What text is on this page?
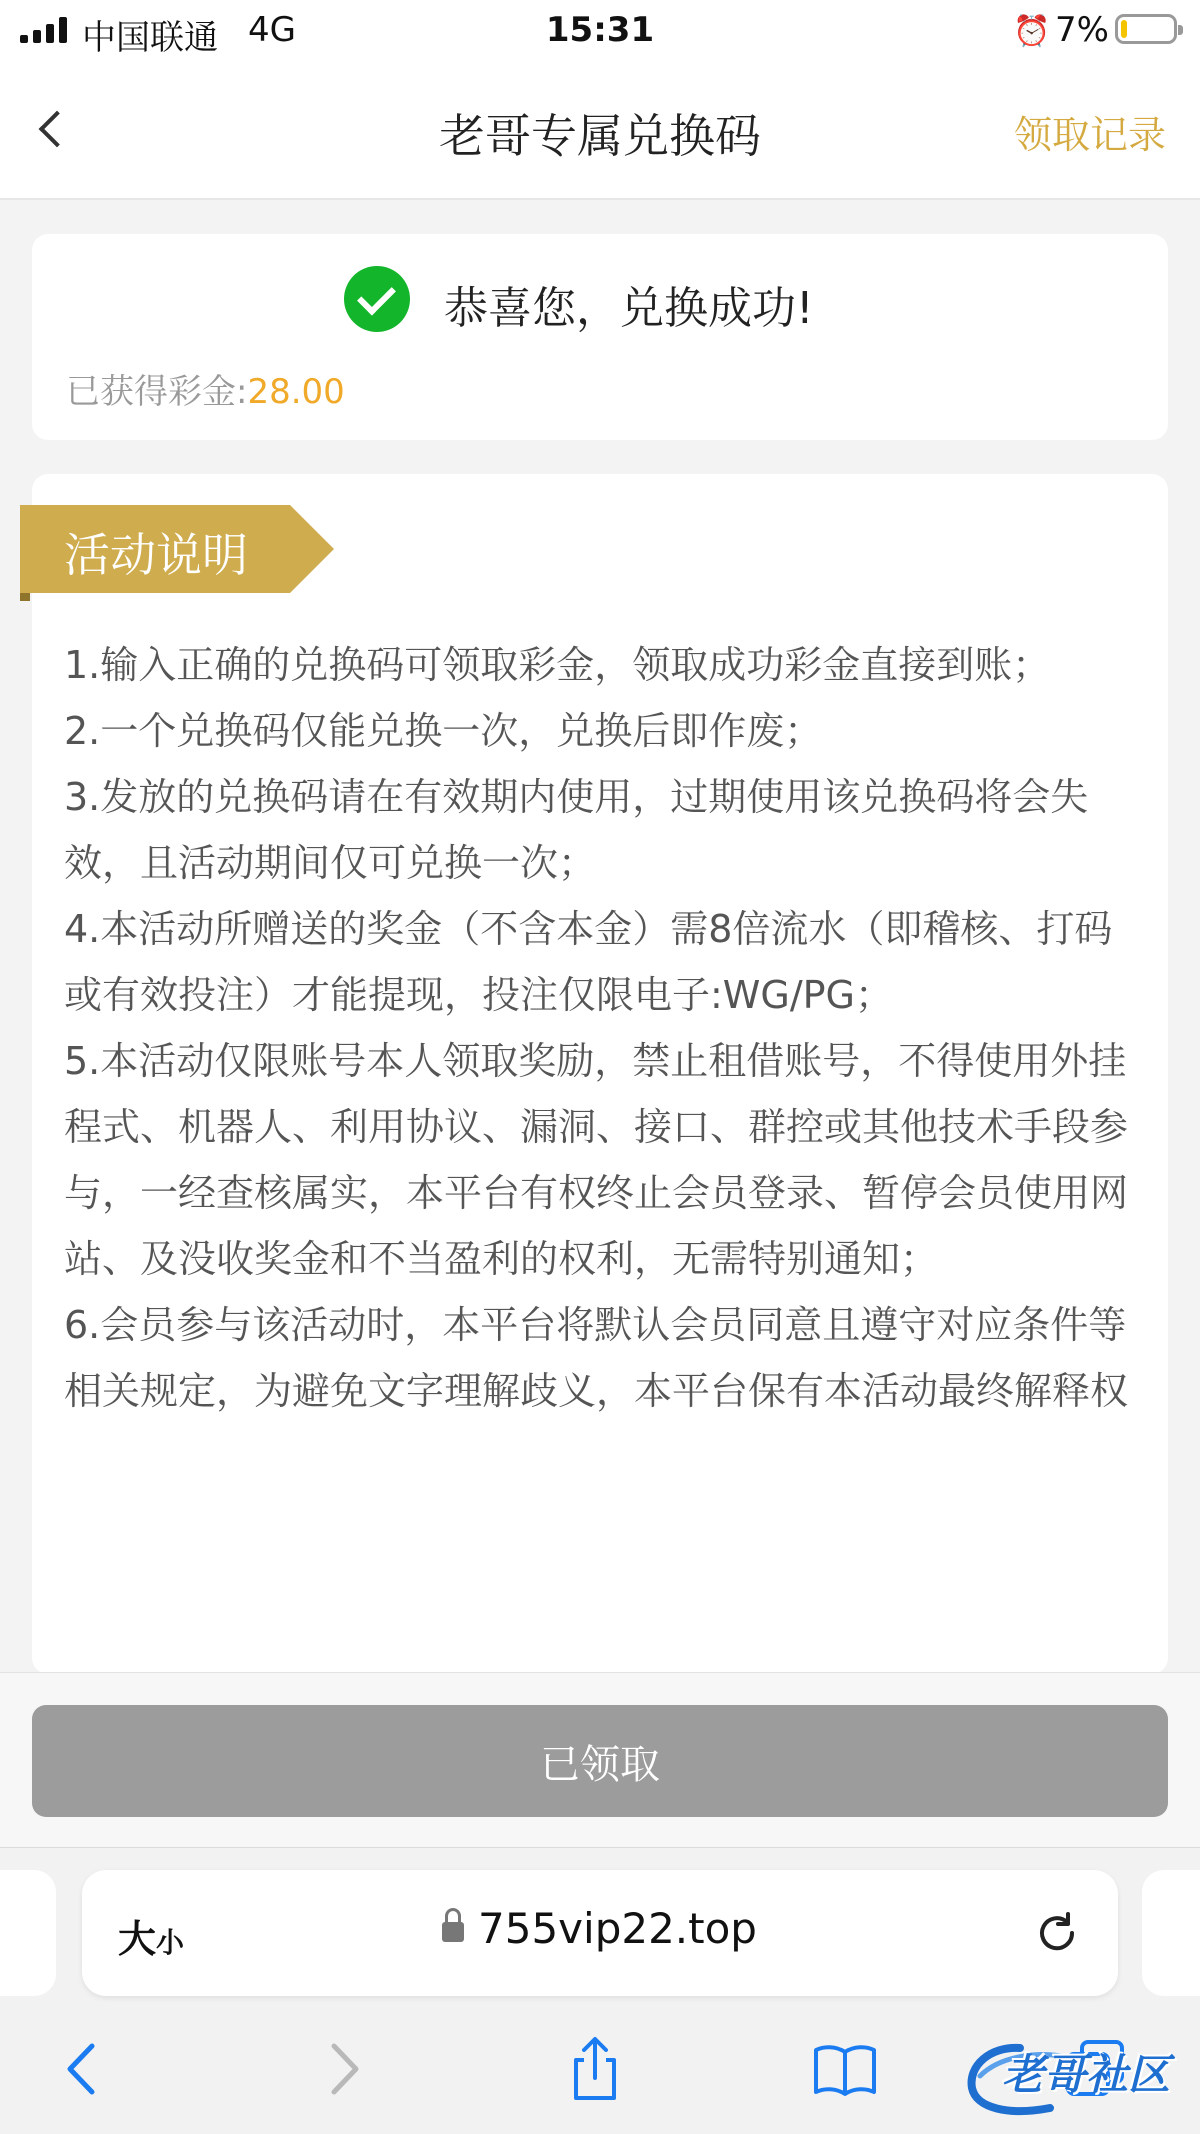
中国联通 4G	15:31	⏰ 7%
老哥专属兑换码	领取记录
恭喜您，兑换成功!
已获得彩金:28.00

1.输入正确的兑换码可领取彩金，领取成功彩金直接到账；

2.一个兑换码仅能兑换一次，兑换后即作废；

3.发放的兑换码请在有效期内使用，过期使用该兑换码将会失效，且活动期间仅可兑换一次；

4.本活动所赠送的奖金（不含本金）需8倍流水（即稽核、打码或有效投注）才能提现，投注仅限电子:WG/PG；

5.本活动仅限账号本人领取奖励，禁止租借账号，不得使用外挂程式、机器人、利用协议、漏洞、接口、群控或其他技术手段参与，一经查核属实，本平台有权终止会员登录、暂停会员使用网站、及没收奖金和不当盈利的权利，无需特别通知；

6.会员参与该活动时，本平台将默认会员同意且遵守对应条件等相关规定，为避免文字理解歧义，本平台保有本活动最终解释权

活动说明
已领取
大小	755vip22.top
老哥社区
